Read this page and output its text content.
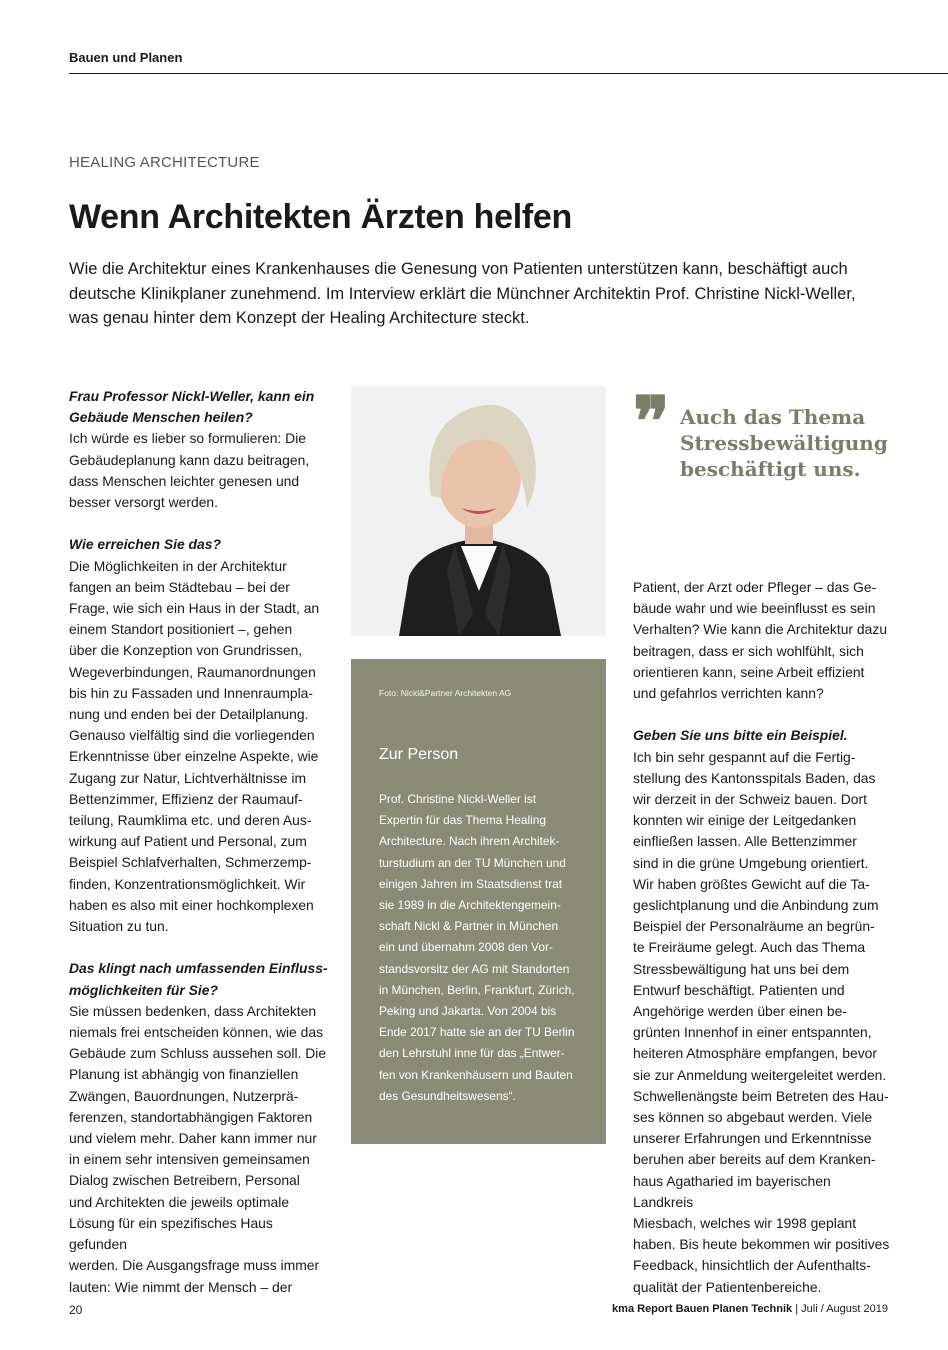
Bauen und Planen
HEALING ARCHITECTURE
Wenn Architekten Ärzten helfen
Wie die Architektur eines Krankenhauses die Genesung von Patienten unterstützen kann, beschäftigt auch deutsche Klinikplaner zunehmend. Im Interview erklärt die Münchner Architektin Prof. Christine Nickl-Weller, was genau hinter dem Konzept der Healing Architecture steckt.

Frau Professor Nickl-Weller, kann ein
Gebäude Menschen heilen?

Ich würde es lieber so formulieren: Die
Gebäudeplanung kann dazu beitragen,
dass Menschen leichter genesen und
besser versorgt werden.

Wie erreichen Sie das?

Die Möglichkeiten in der Architektur
fangen an beim Städtebau – bei der
Frage, wie sich ein Haus in der Stadt, an
einem Standort positioniert –, gehen
über die Konzeption von Grundrissen,
Wegeverbindungen, Raumanordnungen
bis hin zu Fassaden und Innenraumpla-
nung und enden bei der Detailplanung.
Genauso vielfältig sind die vorliegenden
Erkenntnisse über einzelne Aspekte, wie
Zugang zur Natur, Lichtverhältnisse im
Bettenzimmer, Effizienz der Raumauf-
teilung, Raumklima etc. und deren Aus-
wirkung auf Patient und Personal, zum
Beispiel Schlafverhalten, Schmerzemp-
finden, Konzentrationsmöglichkeit. Wir
haben es also mit einer hochkomplexen
Situation zu tun.

Das klingt nach umfassenden Einfluss-
möglichkeiten für Sie?

Sie müssen bedenken, dass Architekten
niemals frei entscheiden können, wie das
Gebäude zum Schluss aussehen soll. Die
Planung ist abhängig von finanziellen
Zwängen, Bauordnungen, Nutzerprä-
ferenzen, standortabhängigen Faktoren
und vielem mehr. Daher kann immer nur
in einem sehr intensiven gemeinsamen
Dialog zwischen Betreibern, Personal
und Architekten die jeweils optimale
Lösung für ein spezifisches Haus gefunden
werden. Die Ausgangsfrage muss immer
lauten: Wie nimmt der Mensch – der

Foto: Nickl&Partner Architekten AG
Zur Person
Prof. Christine Nickl-Weller ist
Expertin für das Thema Healing
Architecture. Nach ihrem Architek-
turstudium an der TU München und
einigen Jahren im Staatsdienst trat
sie 1989 in die Architektengemein-
schaft Nickl & Partner in München
ein und übernahm 2008 den Vor-
standsvorsitz der AG mit Standorten
in München, Berlin, Frankfurt, Zürich,
Peking und Jakarta. Von 2004 bis
Ende 2017 hatte sie an der TU Berlin
den Lehrstuhl inne für das „Entwer-
fen von Krankenhäusern und Bauten
des Gesundheitswesens“.
❞ Auch das Thema
Stressbewältigung
beschäftigt uns.

Patient, der Arzt oder Pfleger – das Ge-
bäude wahr und wie beeinflusst es sein
Verhalten? Wie kann die Architektur dazu
beitragen, dass er sich wohlfühlt, sich
orientieren kann, seine Arbeit effizient
und gefahrlos verrichten kann?

Geben Sie uns bitte ein Beispiel.

Ich bin sehr gespannt auf die Fertig-
stellung des Kantonsspitals Baden, das
wir derzeit in der Schweiz bauen. Dort
konnten wir einige der Leitgedanken
einfließen lassen. Alle Bettenzimmer
sind in die grüne Umgebung orientiert.
Wir haben größtes Gewicht auf die Ta-
geslichtplanung und die Anbindung zum
Beispiel der Personalräume an begrün-
te Freiräume gelegt. Auch das Thema
Stressbewältigung hat uns bei dem
Entwurf beschäftigt. Patienten und
Angehörige werden über einen be-
grünten Innenhof in einer entspannten,
heiteren Atmosphäre empfangen, bevor
sie zur Anmeldung weitergeleitet werden.
Schwellenängste beim Betreten des Hau-
ses können so abgebaut werden. Viele
unserer Erfahrungen und Erkenntnisse
beruhen aber bereits auf dem Kranken-
haus Agatharied im bayerischen Landkreis
Miesbach, welches wir 1998 geplant
haben. Bis heute bekommen wir positives
Feedback, hinsichtlich der Aufenthalts-
qualität der Patientenbereiche.

20	kma Report Bauen Planen Technik | Juli / August 2019
